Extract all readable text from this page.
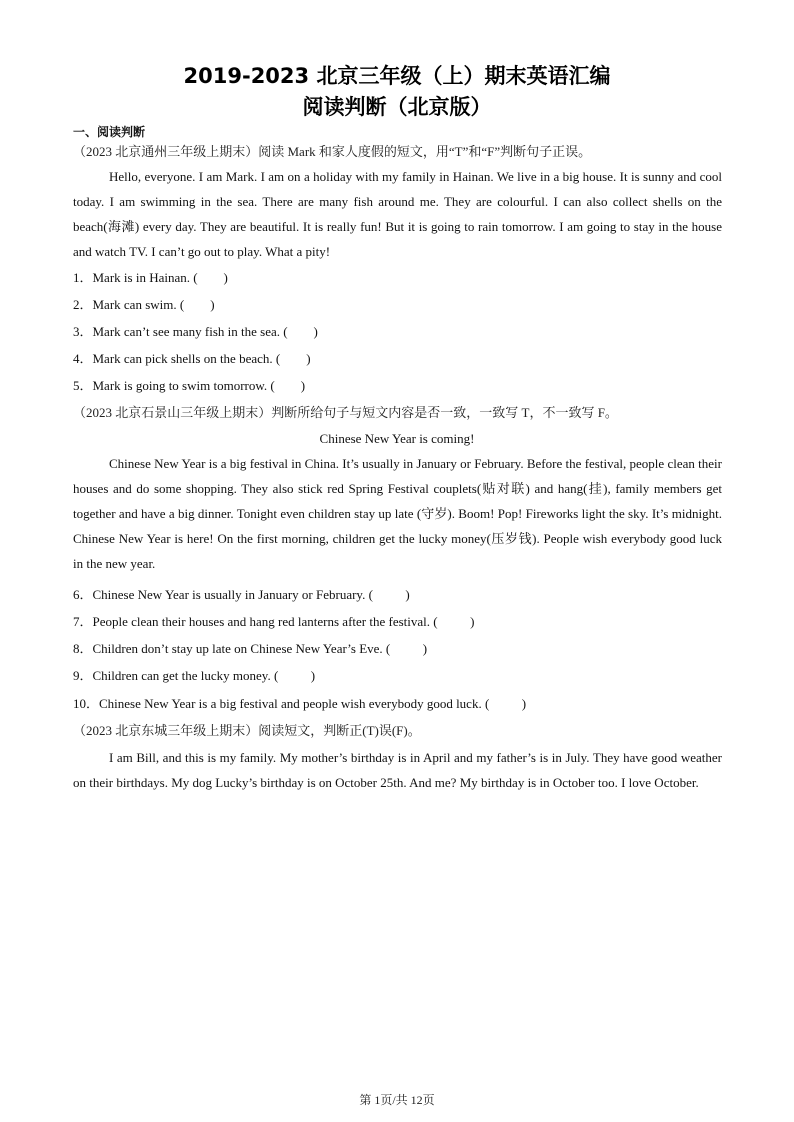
2019-2023 北京三年级（上）期末英语汇编
阅读判断（北京版）
一、阅读判断
（2023 北京通州三年级上期末）阅读 Mark 和家人度假的短文，用“T”和“F”判断句子正误。
Hello, everyone. I am Mark. I am on a holiday with my family in Hainan. We live in a big house. It is sunny and cool today. I am swimming in the sea. There are many fish around me. They are colourful. I can also collect shells on the beach(海滩) every day. They are beautiful. It is really fun! But it is going to rain tomorrow. I am going to stay in the house and watch TV. I can’t go out to play. What a pity!
1．Mark is in Hainan. (        )
2．Mark can swim. (        )
3．Mark can’t see many fish in the sea. (        )
4．Mark can pick shells on the beach. (        )
5．Mark is going to swim tomorrow. (        )
（2023 北京石景山三年级上期末）判断所给句子与短文内容是否一致，一致写 T，不一致写 F。
Chinese New Year is coming!
Chinese New Year is a big festival in China. It’s usually in January or February. Before the festival, people clean their houses and do some shopping. They also stick red Spring Festival couplets(贴对联) and hang(挂), family members get together and have a big dinner. Tonight even children stay up late (守岁). Boom! Pop! Fireworks light the sky. It’s midnight. Chinese New Year is here! On the first morning, children get the lucky money(压岁钱). People wish everybody good luck in the new year.
6．Chinese New Year is usually in January or February. (          )
7．People clean their houses and hang red lanterns after the festival. (          )
8．Children don’t stay up late on Chinese New Year’s Eve. (          )
9．Children can get the lucky money. (          )
10．Chinese New Year is a big festival and people wish everybody good luck. (          )
（2023 北京东城三年级上期末）阅读短文，判断正(T)误(F)。
I am Bill, and this is my family. My mother’s birthday is in April and my father’s is in July. They have good weather on their birthdays. My dog Lucky’s birthday is on October 25th. And me? My birthday is in October too. I love October.
第 1页/共 12页
